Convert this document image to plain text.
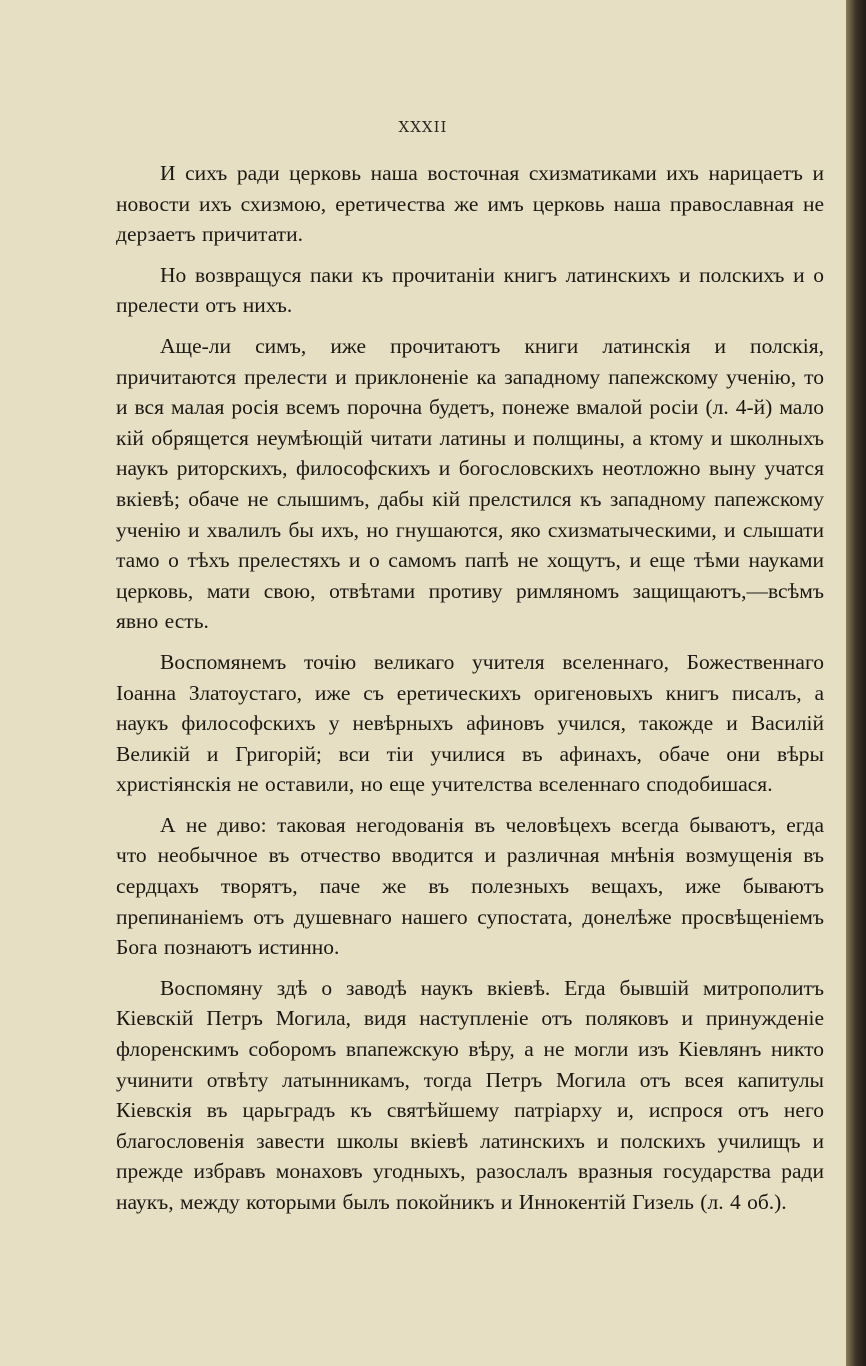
XXXII

И сихъ ради церковь наша восточная схизматиками ихъ нарицаетъ и новости ихъ схизмою, еретичества же имъ церковь наша православная не дерзаетъ причитати.

Но возвращуся паки къ прочитанiи книгъ латинскихъ и полскихъ и о прелести отъ нихъ.

Аще-ли симъ, иже прочитаютъ книги латинскiя и полскiя, причитаются прелести и приклоненiе ка западному папежскому ученiю, то и вся малая росiя всемъ порочна будетъ, понеже вмалой росiи (л. 4-й) мало кiй обрящется неумѣющiй читати латины и полщины, а ктому и школныхъ наукъ риторскихъ, философскихъ и богословскихъ неотложно выну учатся вкiевѣ; обаче не слышимъ, дабы кiй прелстился къ западному папежскому ученiю и хвалилъ бы ихъ, но гнушаются, яко схизматыческими, и слышати тамо о тѣхъ прелестяхъ и о самомъ папѣ не хощутъ, и еще тѣми науками церковь, мати свою, отвѣтами противу римляномъ защищаютъ,—всѣмъ явно есть.

Воспомянемъ точiю великаго учителя вселеннаго, Божественнаго Iоанна Златоустаго, иже съ еретическихъ оригеновыхъ книгъ писалъ, а наукъ философскихъ у невѣрныхъ афиновъ учился, такожде и Василiй Великiй и Григорiй; вси тiи училися въ афинахъ, обаче они вѣры христiянскiя не оставили, но еще учителства вселеннаго сподобишася.

А не диво: таковая негодованiя въ человѣцехъ всегда бываютъ, егда что необычное въ отчество вводится и различная мнѣнiя возмущенiя въ сердцахъ творятъ, паче же въ полезныхъ вещахъ, иже бываютъ препинанiемъ отъ душевнаго нашего супостата, донелѣже просвѣщенiемъ Бога познаютъ истинно.

Воспомяну здѣ о заводѣ наукъ вкiевѣ. Егда бывшiй митрополитъ Кiевскiй Петръ Могила, видя наступленiе отъ поляковъ и принужденiе флоренскимъ соборомъ впапежскую вѣру, а не могли изъ Кiевлянъ никто учинити отвѣту латынникамъ, тогда Петръ Могила отъ всея капитулы Кiевскiя въ царьградъ къ святѣйшему патрiарху и, испрося отъ него благословенiя завести школы вкiевѣ латинскихъ и полскихъ училищъ и прежде избравъ монаховъ угодныхъ, разослалъ вразныя государства ради наукъ, между которыми былъ покойникъ и Иннокентiй Гизель (л. 4 об.).
